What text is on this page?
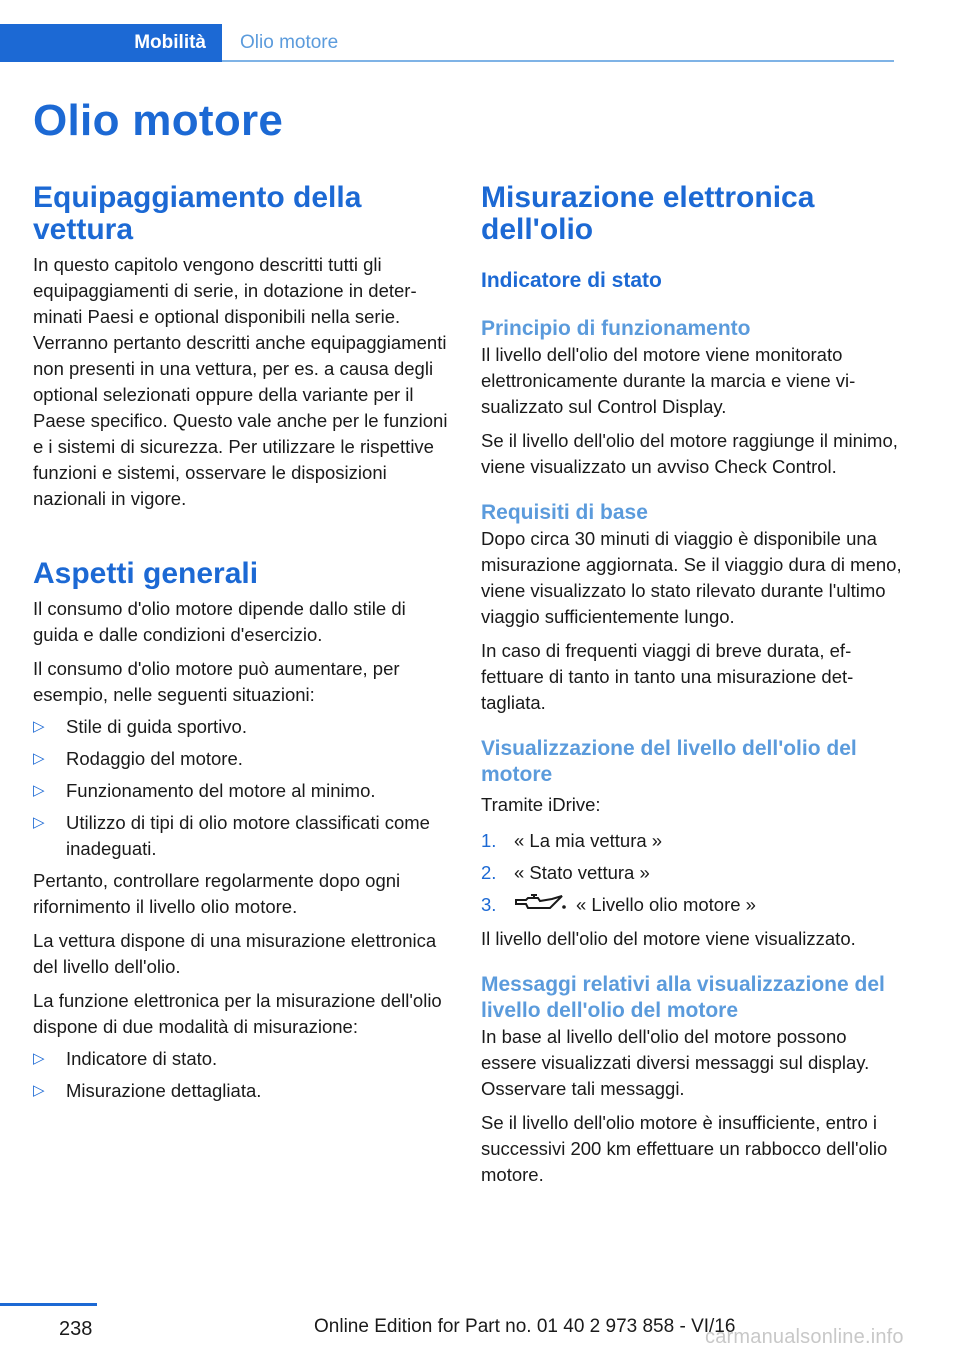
Mobilità	Olio motore
Olio motore
Equipaggiamento della vettura

In questo capitolo vengono descritti tutti gli equipaggiamenti di serie, in dotazione in determinati Paesi e optional disponibili nella serie. Verranno pertanto descritti anche equipaggiamenti non presenti in una vettura, per es. a causa degli optional selezionati oppure della variante per il Paese specifico. Questo vale anche per le funzioni e i sistemi di sicurezza. Per utilizzare le rispettive funzioni e sistemi, osservare le disposizioni nazionali in vigore.

Aspetti generali

Il consumo d'olio motore dipende dallo stile di guida e dalle condizioni d'esercizio.

Il consumo d'olio motore può aumentare, per esempio, nelle seguenti situazioni:

▷ Stile di guida sportivo.
▷ Rodaggio del motore.
▷ Funzionamento del motore al minimo.
▷ Utilizzo di tipi di olio motore classificati come inadeguati.

Pertanto, controllare regolarmente dopo ogni rifornimento il livello olio motore.

La vettura dispone di una misurazione elettronica del livello dell'olio.

La funzione elettronica per la misurazione dell'olio dispone di due modalità di misurazione:

▷ Indicatore di stato.
▷ Misurazione dettagliata.
Misurazione elettronica dell'olio
Indicatore di stato
Principio di funzionamento

Il livello dell'olio del motore viene monitorato elettronicamente durante la marcia e viene visualizzato sul Control Display.

Se il livello dell'olio del motore raggiunge il minimo, viene visualizzato un avviso Check Control.

Requisiti di base

Dopo circa 30 minuti di viaggio è disponibile una misurazione aggiornata. Se il viaggio dura di meno, viene visualizzato lo stato rilevato durante l'ultimo viaggio sufficientemente lungo.

In caso di frequenti viaggi di breve durata, effettuare di tanto in tanto una misurazione dettagliata.

Visualizzazione del livello dell'olio del motore

Tramite iDrive:

1. « La mia vettura »
2. « Stato vettura »
3.	« Livello olio motore »

Il livello dell'olio del motore viene visualizzato.

Messaggi relativi alla visualizzazione del livello dell'olio del motore

In base al livello dell'olio del motore possono essere visualizzati diversi messaggi sul display. Osservare tali messaggi.

Se il livello dell'olio motore è insufficiente, entro i successivi 200 km effettuare un rabbocco dell'olio motore.

238	Online Edition for Part no. 01 40 2 973 858 - VI/16
carmanualsonline.info
